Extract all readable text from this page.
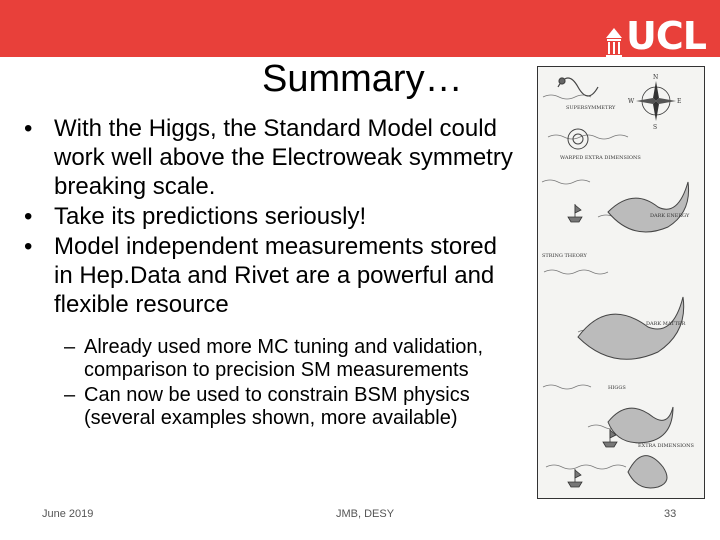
UCL
Summary…
• With the Higgs, the Standard Model could work well above the Electroweak symmetry breaking scale.
• Take its predictions seriously!
• Model independent measurements stored in Hep.Data and Rivet are a powerful and flexible resource
– Already used more MC tuning and validation, comparison to precision SM measurements
– Can now be used to constrain BSM physics (several examples shown, more available)
N
S
E
W
SUPERSYMMETRY
DARK ENERGY
DARK MATTER
STRING THEORY
WARPED EXTRA DIMENSIONS
HIGGS
EXTRA DIMENSIONS
June 2019	JMB, DESY	33
